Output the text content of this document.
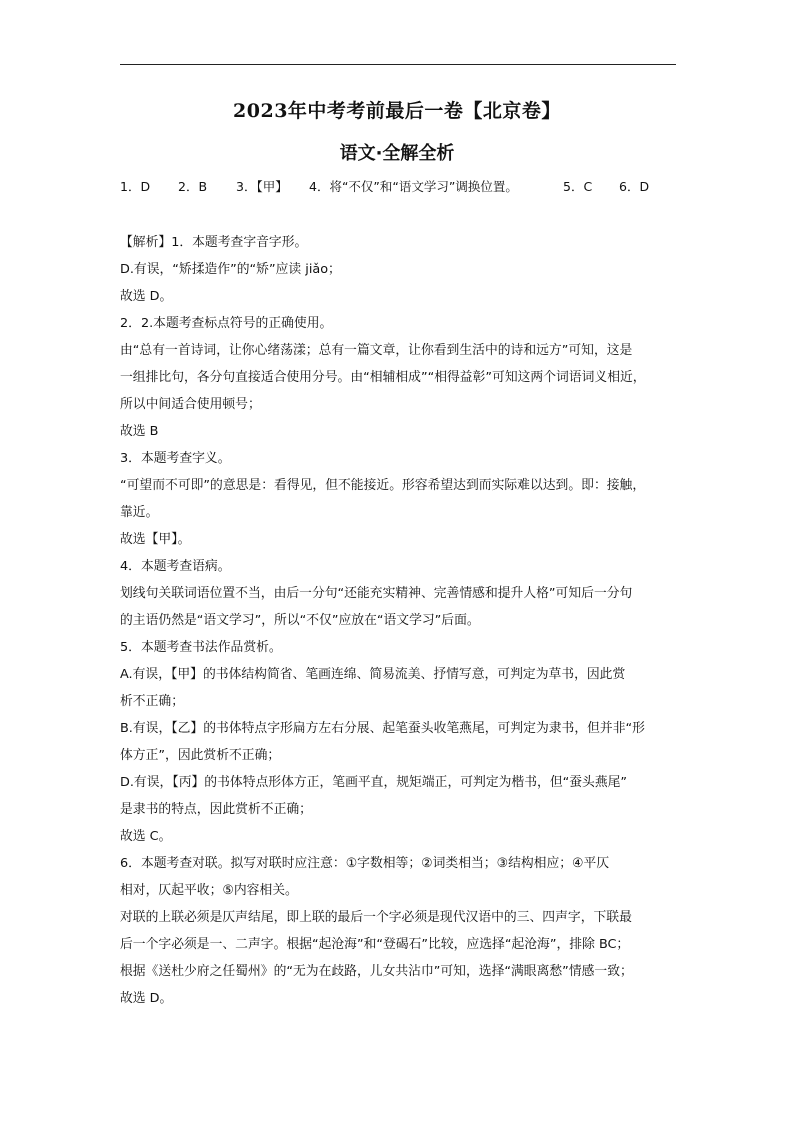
2023年中考考前最后一卷【北京卷】
语文·全解全析
1．D 2．B 3．【甲】 4．将“不仅”和“语文学习”调换位置。	5．C 6．D

【解析】1．本题考查字音字形。

D.有误，“矫揉造作”的“矫”应读 jiǎo；

故选 D。

2．2.本题考查标点符号的正确使用。

由“总有一首诗词，让你心绪荡漾；总有一篇文章，让你看到生活中的诗和远方”可知，这是

一组排比句，各分句直接适合使用分号。由“相辅相成”“相得益彰”可知这两个词语词义相近，

所以中间适合使用顿号；

故选 B

3．本题考查字义。

“可望而不可即”的意思是：看得见，但不能接近。形容希望达到而实际难以达到。即：接触，

靠近。

故选【甲】。

4．本题考查语病。

划线句关联词语位置不当，由后一分句“还能充实精神、完善情感和提升人格”可知后一分句

的主语仍然是“语文学习”，所以“不仅”应放在“语文学习”后面。

5．本题考查书法作品赏析。

A.有误，【甲】的书体结构简省、笔画连绵、简易流美、抒情写意，可判定为草书，因此赏

析不正确；

B.有误，【乙】的书体特点字形扁方左右分展、起笔蚕头收笔燕尾，可判定为隶书，但并非“形

体方正”，因此赏析不正确；

D.有误，【丙】的书体特点形体方正，笔画平直，规矩端正，可判定为楷书，但“蚕头燕尾”

是隶书的特点，因此赏析不正确；

故选 C。

6．本题考查对联。拟写对联时应注意：①字数相等；②词类相当；③结构相应；④平仄

相对，仄起平收；⑤内容相关。

对联的上联必须是仄声结尾，即上联的最后一个字必须是现代汉语中的三、四声字，下联最

后一个字必须是一、二声字。根据“起沧海”和“登碣石”比较，应选择“起沧海”，排除 BC；

根据《送杜少府之任蜀州》的“无为在歧路，儿女共沾巾”可知，选择“满眼离愁”情感一致；

故选 D。
